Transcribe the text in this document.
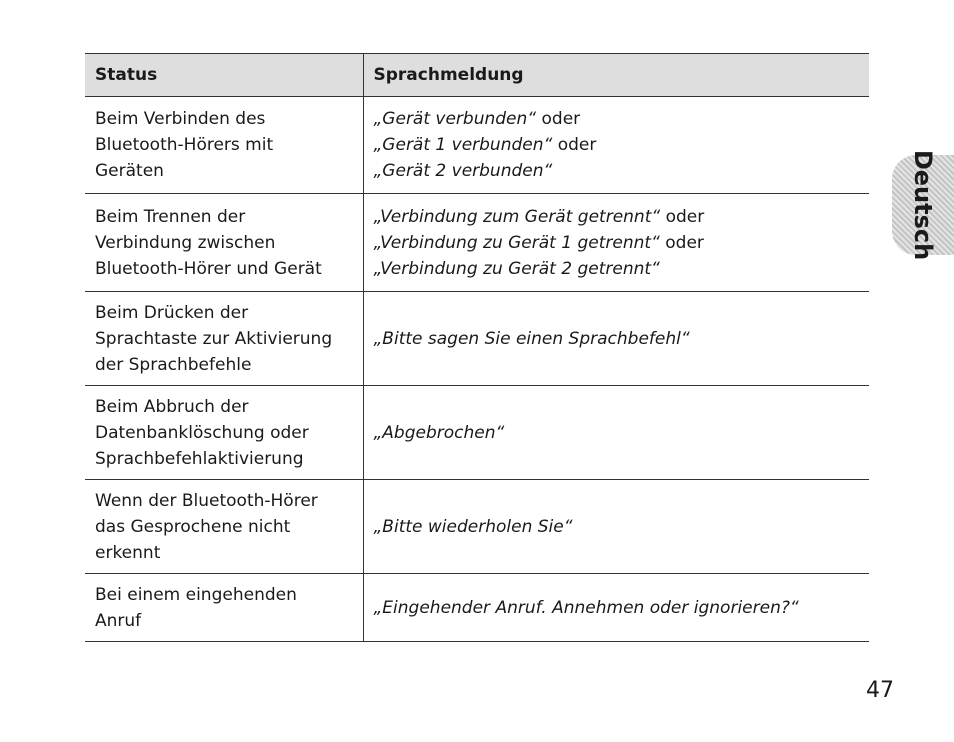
Status	Sprachmeldung

Beim Verbinden des
Bluetooth-Hörers mit
Geräten	„Gerät verbunden“ oder
„Gerät 1 verbunden“ oder
„Gerät 2 verbunden“

Beim Trennen der
Verbindung zwischen
Bluetooth-Hörer und Gerät	„Verbindung zum Gerät getrennt“ oder
„Verbindung zu Gerät 1 getrennt“ oder
„Verbindung zu Gerät 2 getrennt“

Beim Drücken der
Sprachtaste zur Aktivierung
der Sprachbefehle	„Bitte sagen Sie einen Sprachbefehl“

Beim Abbruch der
Datenbanklöschung oder
Sprachbefehlaktivierung	„Abgebrochen“

Wenn der Bluetooth-Hörer
das Gesprochene nicht
erkennt	„Bitte wiederholen Sie“

Bei einem eingehenden
Anruf	„Eingehender Anruf. Annehmen oder ignorieren?“
Deutsch
47
